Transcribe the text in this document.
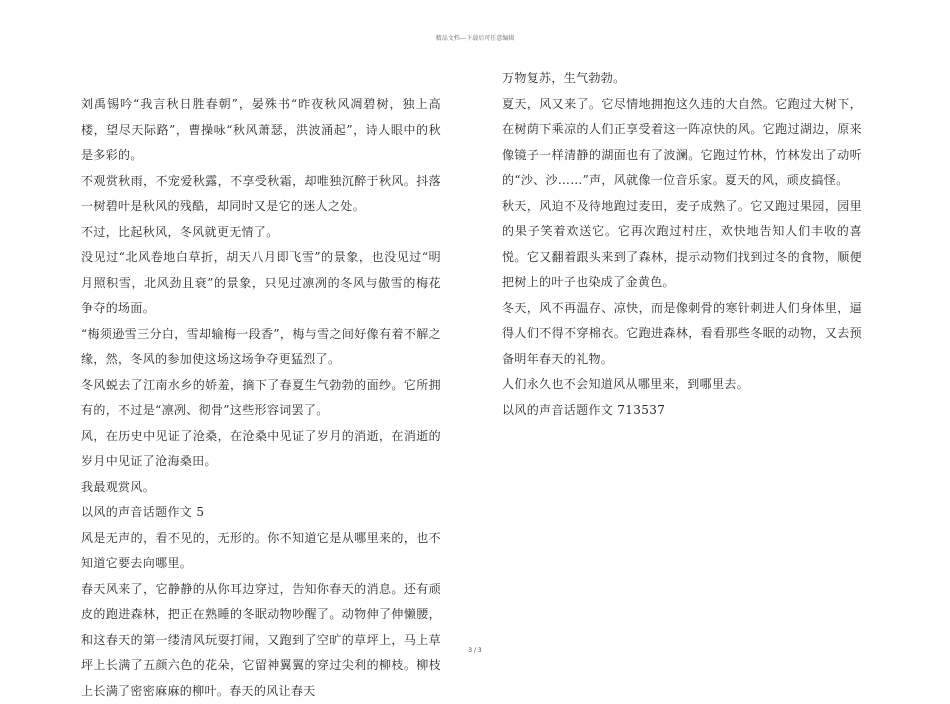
精品文档---下载后可任意编辑

刘禹锡吟“我言秋日胜春朝”，晏殊书“昨夜秋风凋碧树，独上高楼，望尽天际路”，曹操咏“秋风萧瑟，洪波涌起”，诗人眼中的秋是多彩的。

不观赏秋雨，不宠爱秋露，不享受秋霜，却唯独沉醉于秋风。抖落一树碧叶是秋风的残酷，却同时又是它的迷人之处。

不过，比起秋风，冬风就更无情了。

没见过“北风卷地白草折，胡天八月即飞雪”的景象，也没见过“明月照积雪，北风劲且衰”的景象，只见过凛冽的冬风与傲雪的梅花争夺的场面。

“梅须逊雪三分白，雪却输梅一段香”，梅与雪之间好像有着不解之缘，然，冬风的参加使这场这场争夺更猛烈了。

冬风蜕去了江南水乡的娇羞，摘下了春夏生气勃勃的面纱。它所拥有的，不过是“凛冽、彻骨”这些形容词罢了。

风，在历史中见证了沧桑，在沧桑中见证了岁月的消逝，在消逝的岁月中见证了沧海桑田。

我最观赏风。

以风的声音话题作文 5

风是无声的，看不见的，无形的。你不知道它是从哪里来的，也不知道它要去向哪里。

春天风来了，它静静的从你耳边穿过，告知你春天的消息。还有顽皮的跑进森林，把正在熟睡的冬眠动物吵醒了。动物伸了伸懒腰，和这春天的第一缕清风玩耍打闹，又跑到了空旷的草坪上，马上草坪上长满了五颜六色的花朵，它留神翼翼的穿过尖利的柳枝。柳枝上长满了密密麻麻的柳叶。春天的风让春天

万物复苏，生气勃勃。

夏天，风又来了。它尽情地拥抱这久违的大自然。它跑过大树下，在树荫下乘凉的人们正享受着这一阵凉快的风。它跑过湖边，原来像镜子一样清静的湖面也有了波澜。它跑过竹林，竹林发出了动听的“沙、沙……”声，风就像一位音乐家。夏天的风，顽皮搞怪。

秋天，风迫不及待地跑过麦田，麦子成熟了。它又跑过果园，园里的果子笑着欢送它。它再次跑过村庄，欢快地告知人们丰收的喜悦。它又翻着跟头来到了森林，提示动物们找到过冬的食物，顺便把树上的叶子也染成了金黄色。

冬天，风不再温存、凉快，而是像刺骨的寒针刺进人们身体里，逼得人们不得不穿棉衣。它跑进森林，看看那些冬眠的动物，又去预备明年春天的礼物。

人们永久也不会知道风从哪里来，到哪里去。

以风的声音话题作文 713537

3 / 3
